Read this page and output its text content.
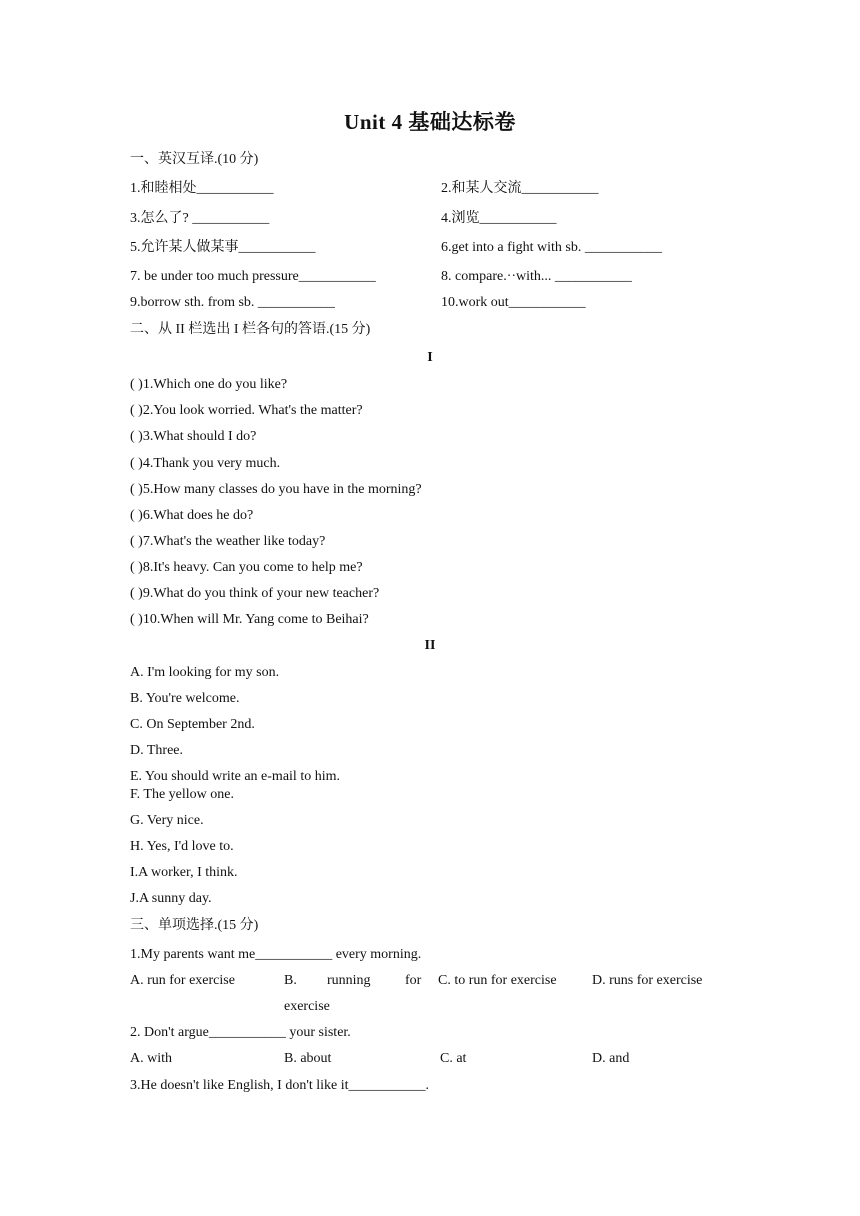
Unit 4 基础达标卷
一、英汉互译.(10 分)
1.和睦相处___________	2.和某人交流___________
3.怎么了? ___________	4.浏览___________
5.允许某人做某事___________	6.get into a fight with sb. ___________
7. be under too much pressure___________	8. compare.··with... ___________
9.borrow sth. from sb. ___________	10.work out___________
二、从 II 栏选出 I 栏各句的答语.(15 分)
I
( )1.Which one do you like?
( )2.You look worried. What's the matter?
( )3.What should I do?
( )4.Thank you very much.
( )5.How many classes do you have in the morning?
( )6.What does he do?
( )7.What's the weather like today?
( )8.It's heavy. Can you come to help me?
( )9.What do you think of your new teacher?
( )10.When will Mr. Yang come to Beihai?
II
A. I'm looking for my son.
B. You're welcome.
C. On September 2nd.
D. Three.
E. You should write an e-mail to him.
F. The yellow one.
G. Very nice.
H. Yes, I'd love to.
I.A worker, I think.
J.A sunny day.
三、单项选择.(15 分)
1.My parents want me___________ every morning.
A. run for exercise	B. running for
exercise
C. to run for exercise	D. runs for exercise
2. Don't argue___________ your sister.
A. with	B. about	C. at	D. and
3.He doesn't like English, I don't like it___________.
